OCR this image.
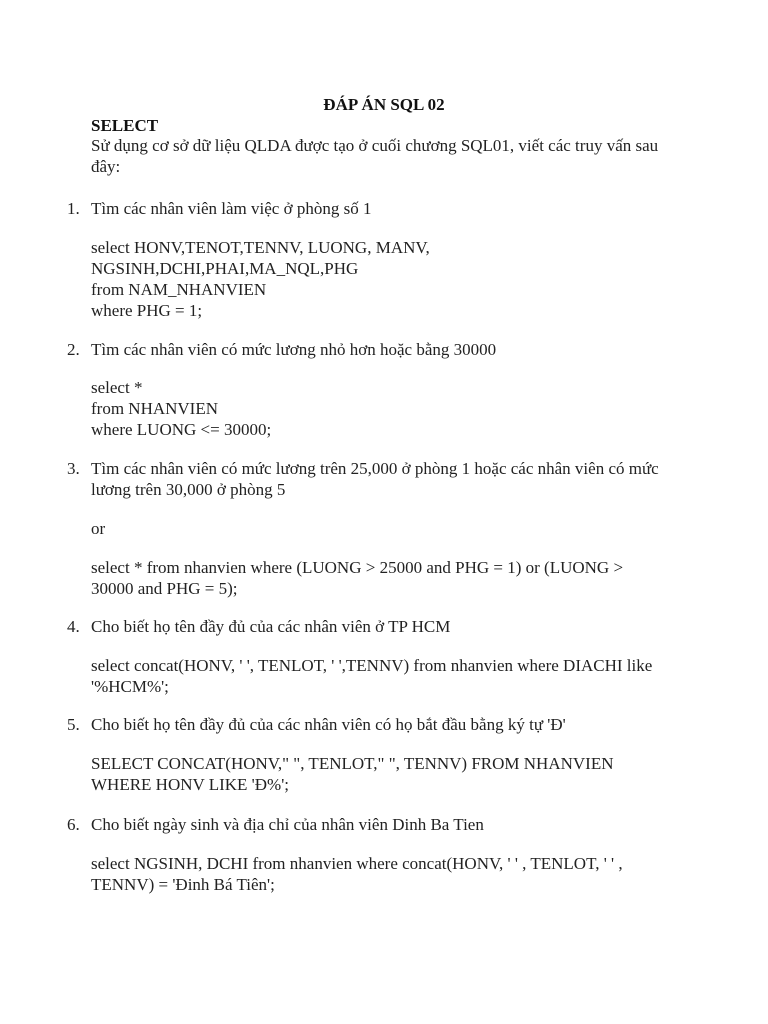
ĐÁP ÁN SQL 02
SELECT
Sử dụng cơ sở dữ liệu QLDA được tạo ở cuối chương SQL01, viết các truy vấn sau đây:
1. Tìm các nhân viên làm việc ở phòng số 1
select HONV,TENOT,TENNV, LUONG, MANV,
NGSINH,DCHI,PHAI,MA_NQL,PHG
from NAM_NHANVIEN
where PHG = 1;
2. Tìm các nhân viên có mức lương nhỏ hơn hoặc bằng 30000
select *
from NHANVIEN
where LUONG <= 30000;
3. Tìm các nhân viên có mức lương trên 25,000 ở phòng 1 hoặc các nhân viên có mức lương trên 30,000 ở phòng 5
or
select * from nhanvien where (LUONG > 25000 and PHG = 1) or (LUONG >
30000 and PHG = 5);
4. Cho biết họ tên đầy đủ của các nhân viên ở TP HCM
select concat(HONV, ' ', TENLOT, ' ',TENNV) from nhanvien where DIACHI like
'%HCM%';
5. Cho biết họ tên đầy đủ của các nhân viên có họ bắt đầu bằng ký tự 'Đ'
SELECT CONCAT(HONV," ", TENLOT," ", TENNV) FROM NHANVIEN
WHERE HONV LIKE 'Đ%';
6. Cho biết ngày sinh và địa chỉ của nhân viên Dinh Ba Tien
select NGSINH, DCHI from nhanvien where concat(HONV, ' ' , TENLOT, ' ' ,
TENNV) = 'Đinh Bá Tiên';
